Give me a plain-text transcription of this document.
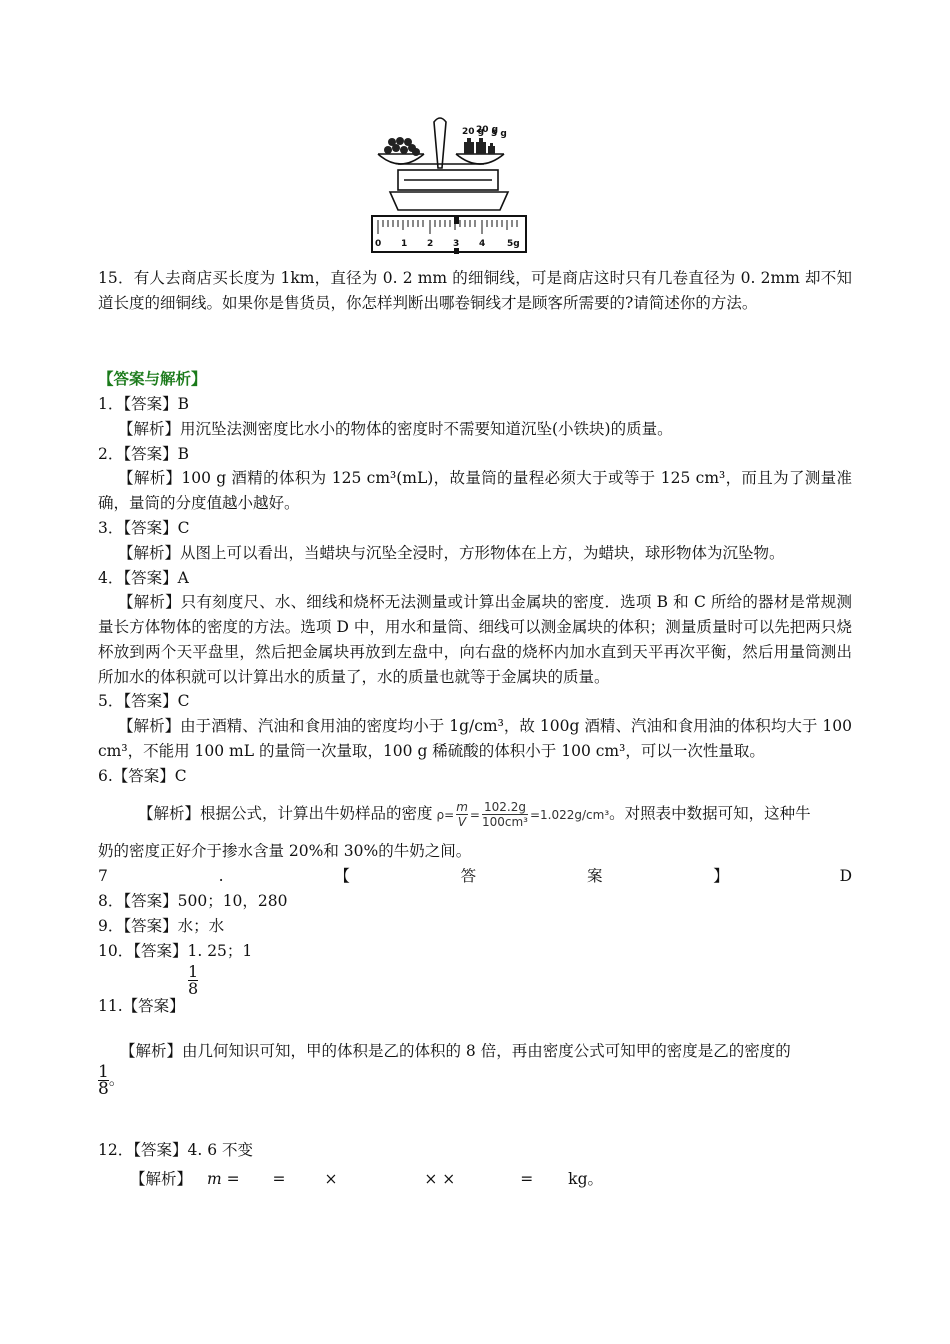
20 g
20 g
5 g
0 1 2 3 4 5g
15．有人去商店买长度为 1km，直径为 0. 2 mm 的细铜线，可是商店这时只有几卷直径为 0. 2mm 却不知道长度的细铜线。如果你是售货员，你怎样判断出哪卷铜线才是顾客所需要的?请简述你的方法。
【答案与解析】
1．【答案】B
【解析】用沉坠法测密度比水小的物体的密度时不需要知道沉坠(小铁块)的质量。
2．【答案】B
【解析】100 g 酒精的体积为 125 cm³(mL)，故量筒的量程必须大于或等于 125 cm³，而且为了测量准确，量筒的分度值越小越好。
3．【答案】C
【解析】从图上可以看出，当蜡块与沉坠全浸时，方形物体在上方，为蜡块，球形物体为沉坠物。
4．【答案】A
【解析】只有刻度尺、水、细线和烧杯无法测量或计算出金属块的密度．选项 B 和 C 所给的器材是常规测量长方体物体的密度的方法。选项 D 中，用水和量筒、细线可以测金属块的体积；测量质量时可以先把两只烧杯放到两个天平盘里，然后把金属块再放到左盘中，向右盘的烧杯内加水直到天平再次平衡，然后用量筒测出所加水的体积就可以计算出水的质量了，水的质量也就等于金属块的质量。
5．【答案】C
【解析】由于酒精、汽油和食用油的密度均小于 1g/cm³，故 100g 酒精、汽油和食用油的体积均大于 100 cm³，不能用 100 mL 的量筒一次量取，100 g 稀硫酸的体积小于 100 cm³，可以一次性量取。
6.【答案】C
【解析】根据公式，计算出牛奶样品的密度 $\rho= \frac{m}{V} = \frac{102.2g}{\text{100cm³}} =1.022g/cm^3$ 。对照表中数据可知，这种牛
奶的密度正好介于掺水含量 20%和 30%的牛奶之间。
7	.	【	答	案	】	D
8．【答案】500；10，280
9．【答案】水；水
10．【答案】1. 25；1
$\frac{1}{8}$
11.【答案】
【解析】由几何知识可知，甲的体积是乙的体积的 8 倍，再由密度公式可知甲的密度是乙的密度的
$\frac{1}{8}$ 。
12．【答案】4. 6 不变
【解析】 m = =	×	× ×	= kg。
